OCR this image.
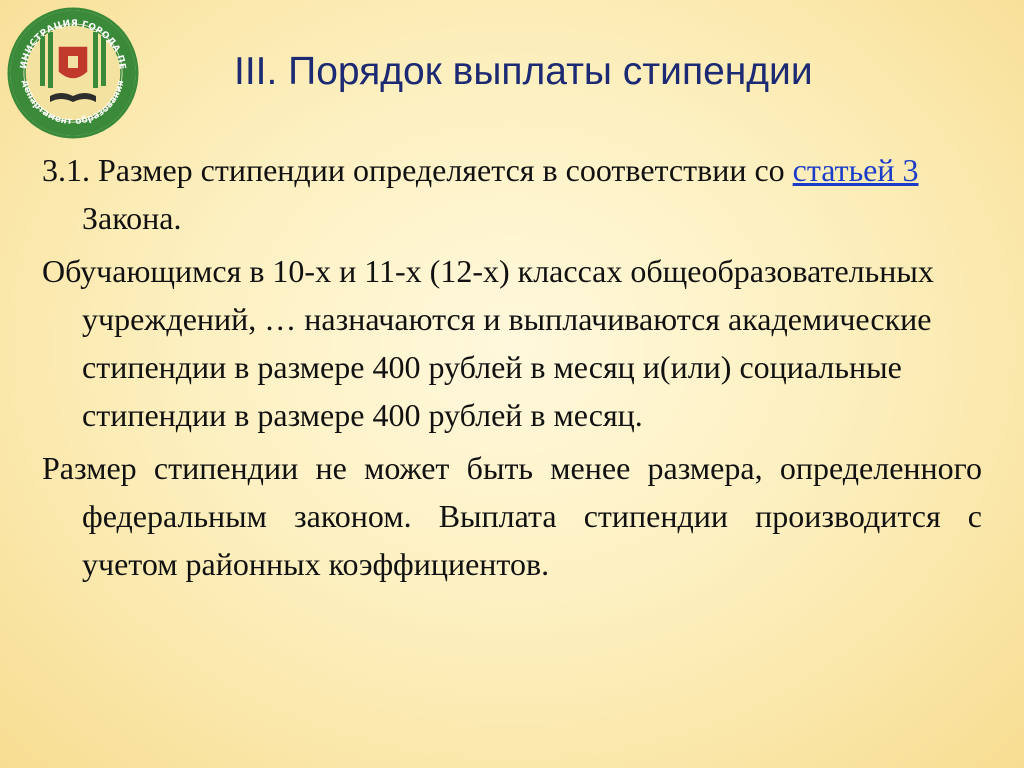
ИНИСТРАЦИЯ ГОРОДА ПЕ
департамент образования	III. Порядок выплаты стипендии

3.1. Размер стипендии определяется в соответствии со статьей 3 Закона.

Обучающимся в 10-х и 11-х (12-х) классах общеобразовательных учреждений, … назначаются и выплачиваются академические стипендии в размере 400 рублей в месяц и(или) социальные стипендии в размере 400 рублей в месяц.

Размер стипендии не может быть менее размера, определенного федеральным законом. Выплата стипендии производится с учетом районных коэффициентов.
